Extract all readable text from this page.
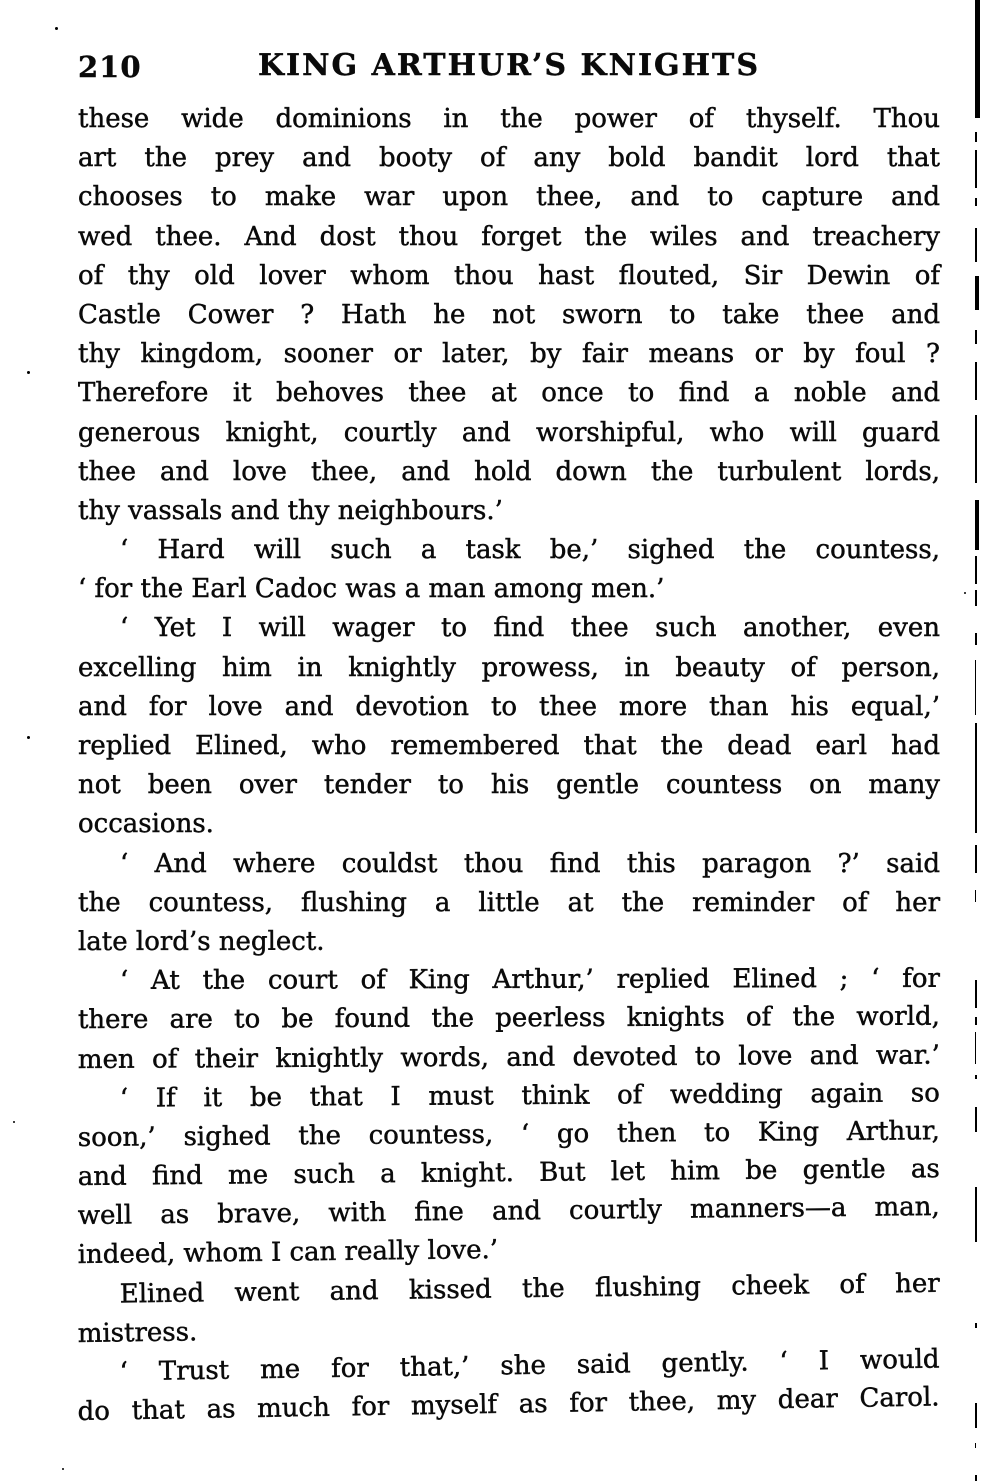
210	KING ARTHUR’S KNIGHTS
these wide dominions in the power of thyself. Thou
art the prey and booty of any bold bandit lord that
chooses to make war upon thee, and to capture and
wed thee. And dost thou forget the wiles and treachery
of thy old lover whom thou hast flouted, Sir Dewin of
Castle Cower ? Hath he not sworn to take thee and
thy kingdom, sooner or later, by fair means or by foul ?
Therefore it behoves thee at once to find a noble and
generous knight, courtly and worshipful, who will guard
thee and love thee, and hold down the turbulent lords,
thy vassals and thy neighbours.’
‘ Hard will such a task be,’ sighed the countess,
‘ for the Earl Cadoc was a man among men.’
‘ Yet I will wager to find thee such another, even
excelling him in knightly prowess, in beauty of person,
and for love and devotion to thee more than his equal,’
replied Elined, who remembered that the dead earl had
not been over tender to his gentle countess on many
occasions.
‘ And where couldst thou find this paragon ?’ said
the countess, flushing a little at the reminder of her
late lord’s neglect.
‘ At the court of King Arthur,’ replied Elined ; ‘ for
there are to be found the peerless knights of the world,
men of their knightly words, and devoted to love and war.’
‘ If it be that I must think of wedding again so
soon,’ sighed the countess, ‘ go then to King Arthur,
and find me such a knight. But let him be gentle as
well as brave, with fine and courtly manners—a man,
indeed, whom I can really love.’
Elined went and kissed the flushing cheek of her
mistress.
‘ Trust me for that,’ she said gently. ‘ I would
do that as much for myself as for thee, my dear Carol.
